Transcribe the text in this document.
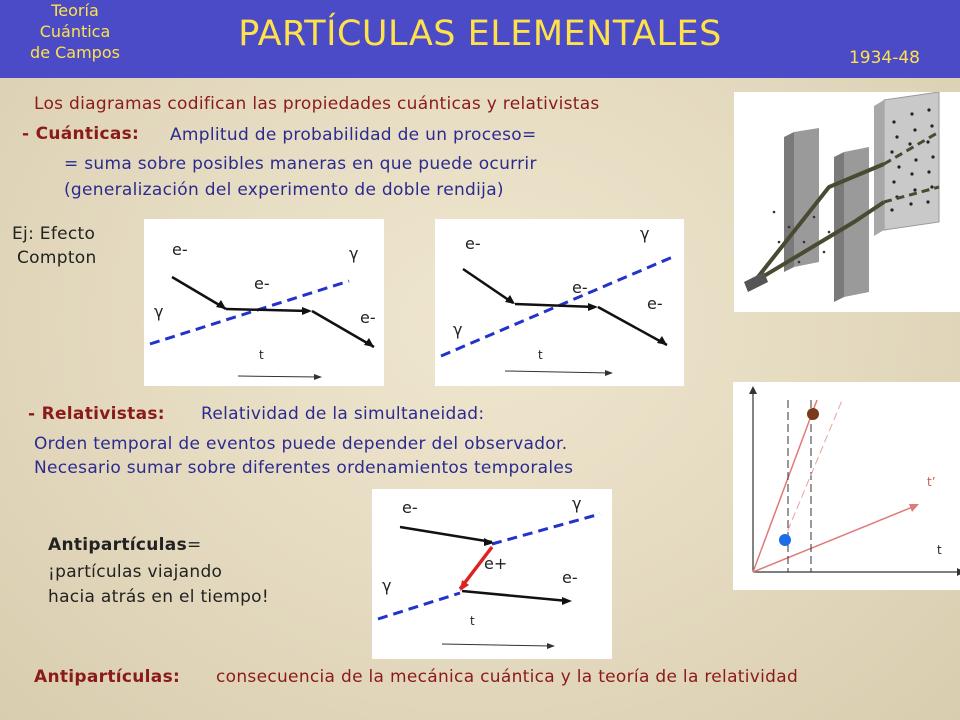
Teoría
Cuántica
de Campos	PARTÍCULAS ELEMENTALES
1934-48
Los diagramas codifican las propiedades cuánticas y relativistas
- Cuánticas: Amplitud de probabilidad de un proceso=
= suma sobre posibles maneras en que puede ocurrir
(generalización del experimento de doble rendija)
Ej: Efecto
Compton	e-	γ
e-
γ	e-
t
e-
γ
e-
e-
γ
t
t’
t
- Relativistas: Relatividad de la simultaneidad:
Orden temporal de eventos puede depender del observador.
Necesario sumar sobre diferentes ordenamientos temporales
Antipartículas=
¡partículas viajando
hacia atrás en el tiempo!
e-	γ
e+
e-
γ
t
Antipartículas: consecuencia de la mecánica cuántica y la teoría de la relatividad
